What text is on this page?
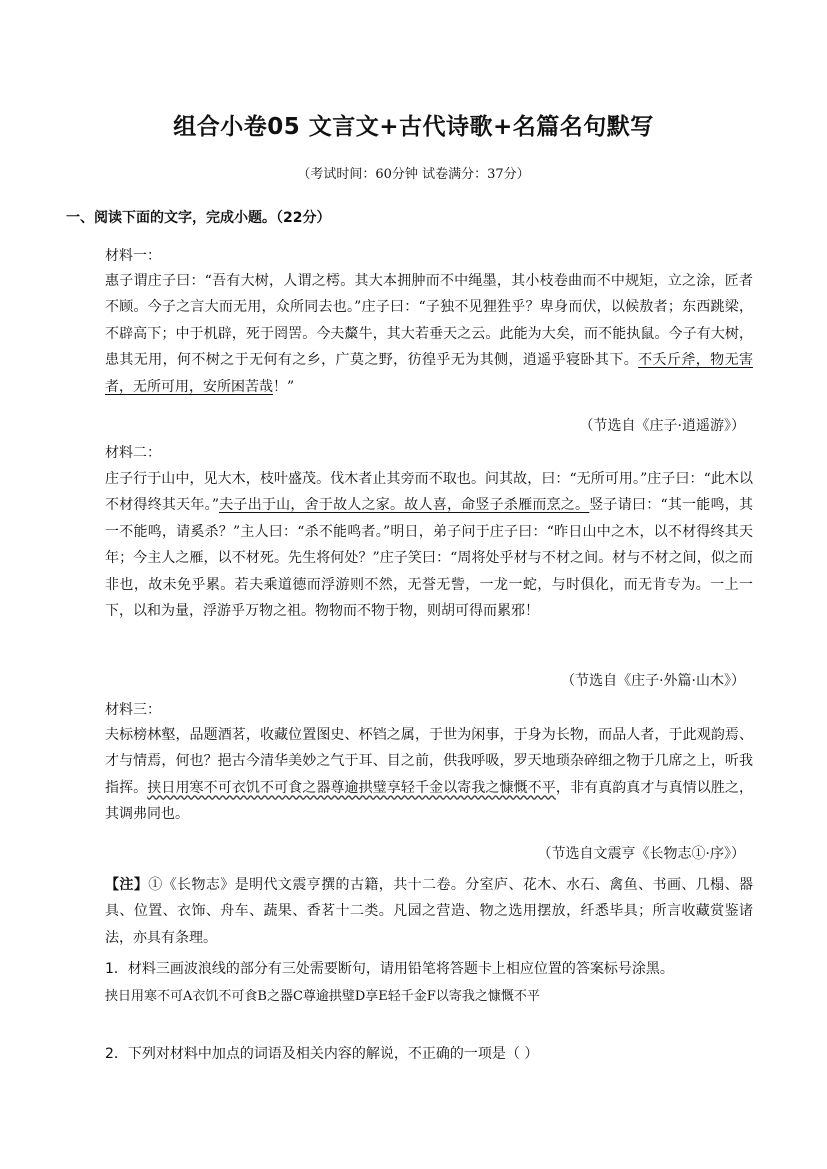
组合小卷05 文言文+古代诗歌+名篇名句默写
（考试时间：60分钟 试卷满分：37分）
一、阅读下面的文字，完成小题。（22分）
材料一：
惠子谓庄子曰：“吾有大树，人谓之樗。其大本拥肿而不中绳墨，其小枝卷曲而不中规矩，立之涂，匠者不顾。今子之言大而无用，众所同去也。”庄子曰：“子独不见狸狌乎？卑身而伏，以候敖者；东西跳梁，不辟高下；中于机辟，死于罔罟。今夫斄牛，其大若垂天之云。此能为大矣，而不能执鼠。今子有大树，患其无用，何不树之于无何有之乡，广莫之野，彷徨乎无为其侧，逍遥乎寝卧其下。不夭斤斧，物无害者，无所可用，安所困苦哉！”
（节选自《庄子·逍遥游》）
材料二：
庄子行于山中，见大木，枝叶盛茂。伐木者止其旁而不取也。问其故，曰：“无所可用。”庄子曰：“此木以不材得终其天年。”夫子出于山，舍于故人之家。故人喜，命竖子杀雁而烹之。竖子请曰：“其一能鸣，其一不能鸣，请奚杀？”主人曰：“杀不能鸣者。”明日，弟子问于庄子曰：“昨日山中之木，以不材得终其天年；今主人之雁，以不材死。先生将何处？”庄子笑曰：“周将处乎材与不材之间。材与不材之间，似之而非也，故未免乎累。若夫乘道德而浮游则不然，无誉无訾，一龙一蛇，与时俱化，而无肯专为。一上一下，以和为量，浮游乎万物之祖。物物而不物于物，则胡可得而累邪！
（节选自《庄子·外篇·山木》）
材料三：
夫标榜林壑，品题酒茗，收藏位置图史、杯铛之属，于世为闲事，于身为长物，而品人者，于此观韵焉、才与情焉，何也？挹古今清华美妙之气于耳、目之前，供我呼吸，罗天地琐杂碎细之物于几席之上，听我指挥。挟日用寒不可衣饥不可食之器尊逾拱璧享轻千金以寄我之慷慨不平，非有真韵真才与真情以胜之，其调弗同也。
（节选自文震亨《长物志①·序》）
【注】①《长物志》是明代文震亨撰的古籍，共十二卷。分室庐、花木、水石、禽鱼、书画、几榻、器具、位置、衣饰、舟车、蔬果、香茗十二类。凡园之营造、物之选用摆放，纤悉毕具；所言收藏赏鉴诸法，亦具有条理。
1．材料三画波浪线的部分有三处需要断句，请用铅笔将答题卡上相应位置的答案标号涂黑。
挟日用寒不可A衣饥不可食B之器C尊逾拱璧D享E轻千金F以寄我之慷慨不平
2．下列对材料中加点的词语及相关内容的解说，不正确的一项是（ ）
